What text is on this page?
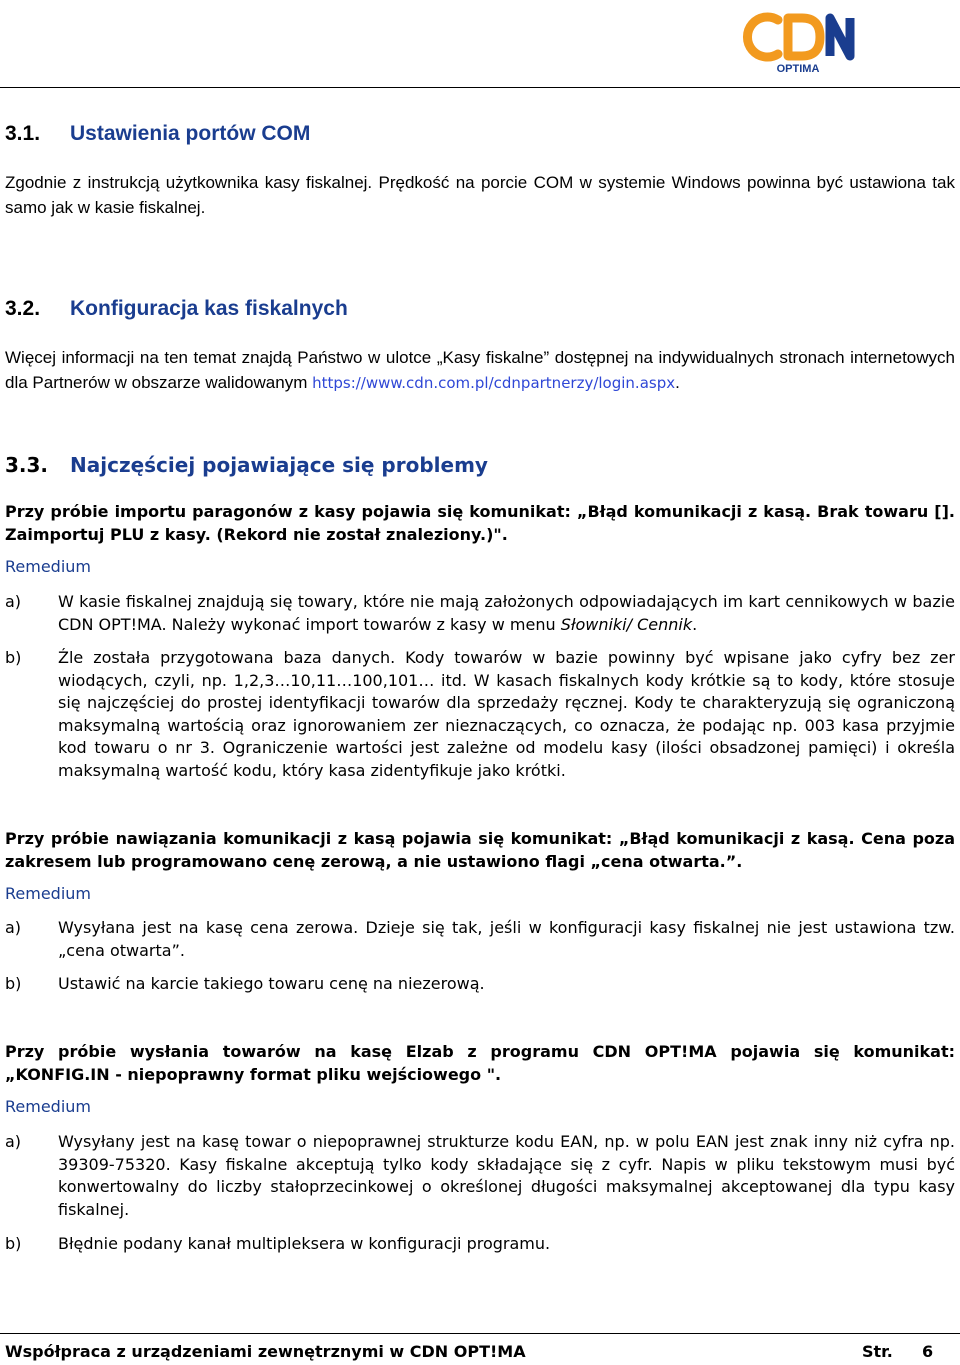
OPTIMA
3.1. Ustawienia portów COM

Zgodnie z instrukcją użytkownika kasy fiskalnej. Prędkość na porcie COM w systemie Windows powinna być ustawiona tak samo jak w kasie fiskalnej.

3.2. Konfiguracja kas fiskalnych

Więcej informacji na ten temat znajdą Państwo w ulotce „Kasy fiskalne” dostępnej na indywidualnych stronach internetowych dla Partnerów w obszarze walidowanym https://www.cdn.com.pl/cdnpartnerzy/login.aspx.

3.3. Najczęściej pojawiające się problemy

Przy próbie importu paragonów z kasy pojawia się komunikat: „Błąd komunikacji z kasą. Brak towaru []. Zaimportuj PLU z kasy. (Rekord nie został znaleziony.)".

Remedium
a) W kasie fiskalnej znajdują się towary, które nie mają założonych odpowiadających im kart cennikowych w bazie CDN OPT!MA. Należy wykonać import towarów z kasy w menu Słowniki/ Cennik.
b) Źle została przygotowana baza danych. Kody towarów w bazie powinny być wpisane jako cyfry bez zer wiodących, czyli, np. 1,2,3…10,11…100,101… itd. W kasach fiskalnych kody krótkie są to kody, które stosuje się najczęściej do prostej identyfikacji towarów dla sprzedaży ręcznej. Kody te charakteryzują się ograniczoną maksymalną wartością oraz ignorowaniem zer nieznaczących, co oznacza, że podając np. 003 kasa przyjmie kod towaru o nr 3. Ograniczenie wartości jest zależne od modelu kasy (ilości obsadzonej pamięci) i określa maksymalną wartość kodu, który kasa zidentyfikuje jako krótki.

Przy próbie nawiązania komunikacji z kasą pojawia się komunikat: „Błąd komunikacji z kasą. Cena poza zakresem lub programowano cenę zerową, a nie ustawiono flagi „cena otwarta.”.

Remedium
a) Wysyłana jest na kasę cena zerowa. Dzieje się tak, jeśli w konfiguracji kasy fiskalnej nie jest ustawiona tzw. „cena otwarta”.
b) Ustawić na karcie takiego towaru cenę na niezerową.

Przy próbie wysłania towarów na kasę Elzab z programu CDN OPT!MA pojawia się komunikat: „KONFIG.IN - niepoprawny format pliku wejściowego ".

Remedium
a) Wysyłany jest na kasę towar o niepoprawnej strukturze kodu EAN, np. w polu EAN jest znak inny niż cyfra np. 39309-75320. Kasy fiskalne akceptują tylko kody składające się z cyfr. Napis w pliku tekstowym musi być konwertowalny do liczby stałoprzecinkowej o określonej długości maksymalnej akceptowanej dla typu kasy fiskalnej.
b) Błędnie podany kanał multipleksera w konfiguracji programu.
Współpraca z urządzeniami zewnętrznymi w CDN OPT!MA	Str. 6
